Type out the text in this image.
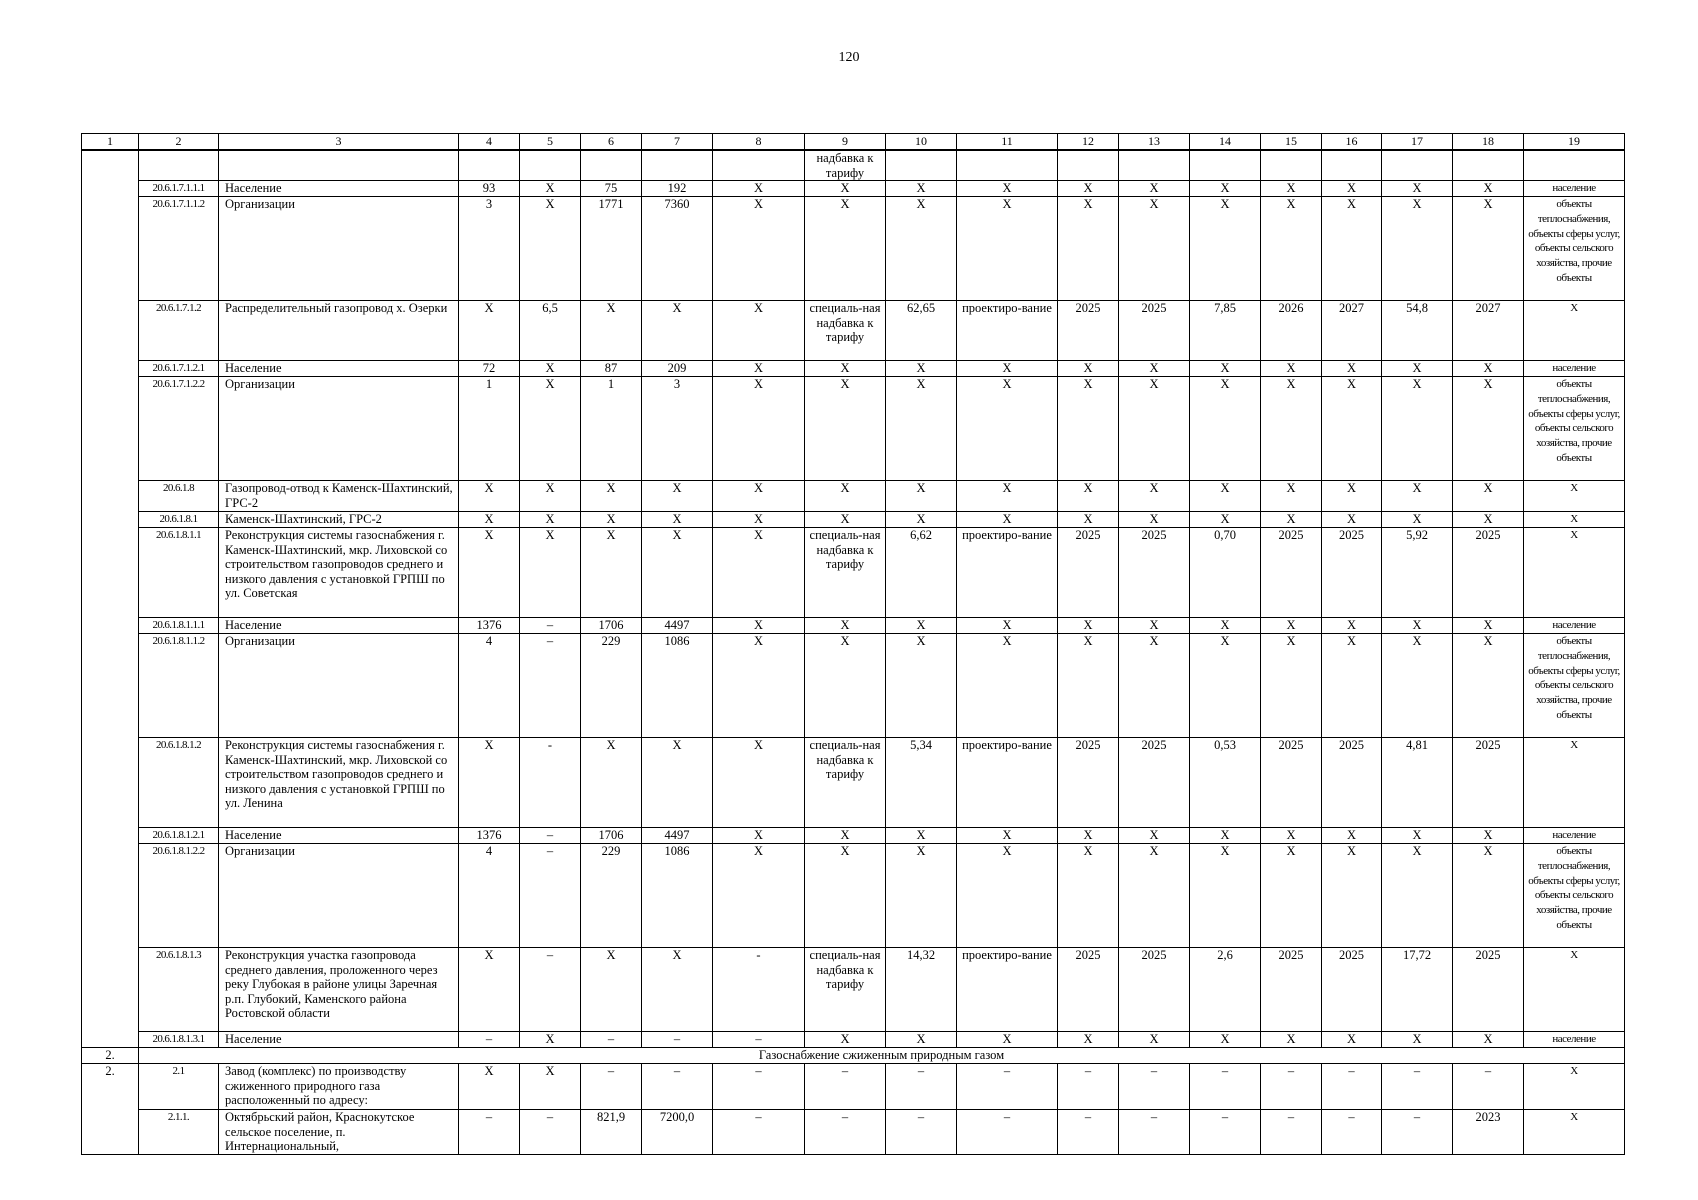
120
1	2	3	4	5	6	7	8	9	10	11	12	13	14	15	16	17	18	19
								надбавка к тарифу										
	20.6.1.7.1.1.1	Население	93	X	75	192	X	X	X	X	X	X	X	X	X	X	X	население
	20.6.1.7.1.1.2	Организации	3	X	1771	7360	X	X	X	X	X	X	X	X	X	X	X	объекты теплоснабжения, объекты сферы услуг, объекты сельского хозяйства, прочие объекты
	20.6.1.7.1.2	Распределительный газопровод х. Озерки	X	6,5	X	X	X	специаль-ная надбавка к тарифу	62,65	проектиро-вание	2025	2025	7,85	2026	2027	54,8	2027	X
	20.6.1.7.1.2.1	Население	72	X	87	209	X	X	X	X	X	X	X	X	X	X	X	население
	20.6.1.7.1.2.2	Организации	1	X	1	3	X	X	X	X	X	X	X	X	X	X	X	объекты теплоснабжения, объекты сферы услуг, объекты сельского хозяйства, прочие объекты
	20.6.1.8	Газопровод-отвод к Каменск-Шахтинский, ГРС-2	X	X	X	X	X	X	X	X	X	X	X	X	X	X	X	X
	20.6.1.8.1	Каменск-Шахтинский, ГРС-2	X	X	X	X	X	X	X	X	X	X	X	X	X	X	X	X
	20.6.1.8.1.1	Реконструкция системы газоснабжения г. Каменск-Шахтинский, мкр. Лиховской со строительством газопроводов среднего и низкого давления с установкой ГРПШ по ул. Советская	X	X	X	X	X	специаль-ная надбавка к тарифу	6,62	проектиро-вание	2025	2025	0,70	2025	2025	5,92	2025	X
	20.6.1.8.1.1.1	Население	1376	–	1706	4497	X	X	X	X	X	X	X	X	X	X	X	население
	20.6.1.8.1.1.2	Организации	4	–	229	1086	X	X	X	X	X	X	X	X	X	X	X	объекты теплоснабжения, объекты сферы услуг, объекты сельского хозяйства, прочие объекты
	20.6.1.8.1.2	Реконструкция системы газоснабжения г. Каменск-Шахтинский, мкр. Лиховской со строительством газопроводов среднего и низкого давления с установкой ГРПШ по ул. Ленина	X	-	X	X	X	специаль-ная надбавка к тарифу	5,34	проектиро-вание	2025	2025	0,53	2025	2025	4,81	2025	X
	20.6.1.8.1.2.1	Население	1376	–	1706	4497	X	X	X	X	X	X	X	X	X	X	X	население
	20.6.1.8.1.2.2	Организации	4	–	229	1086	X	X	X	X	X	X	X	X	X	X	X	объекты теплоснабжения, объекты сферы услуг, объекты сельского хозяйства, прочие объекты
	20.6.1.8.1.3	Реконструкция участка газопровода среднего давления, проложенного через реку Глубокая в районе улицы Заречная р.п. Глубокий, Каменского района Ростовской области	X	–	X	X	-	специаль-ная надбавка к тарифу	14,32	проектиро-вание	2025	2025	2,6	2025	2025	17,72	2025	X
	20.6.1.8.1.3.1	Население	–	X	–	–	–	X	X	X	X	X	X	X	X	X	X	население
2.	Газоснабжение сжиженным природным газом																	
2.	2.1	Завод (комплекс) по производству сжиженного природного газа расположенный по адресу:	X	X	–	–	–	–	–	–	–	–	–	–	–	–	–	X
	2.1.1.	Октябрьский район, Краснокутское сельское поселение, п. Интернациональный,	–	–	821,9	7200,0	–	–	–	–	–	–	–	–	–	–	2023	X
